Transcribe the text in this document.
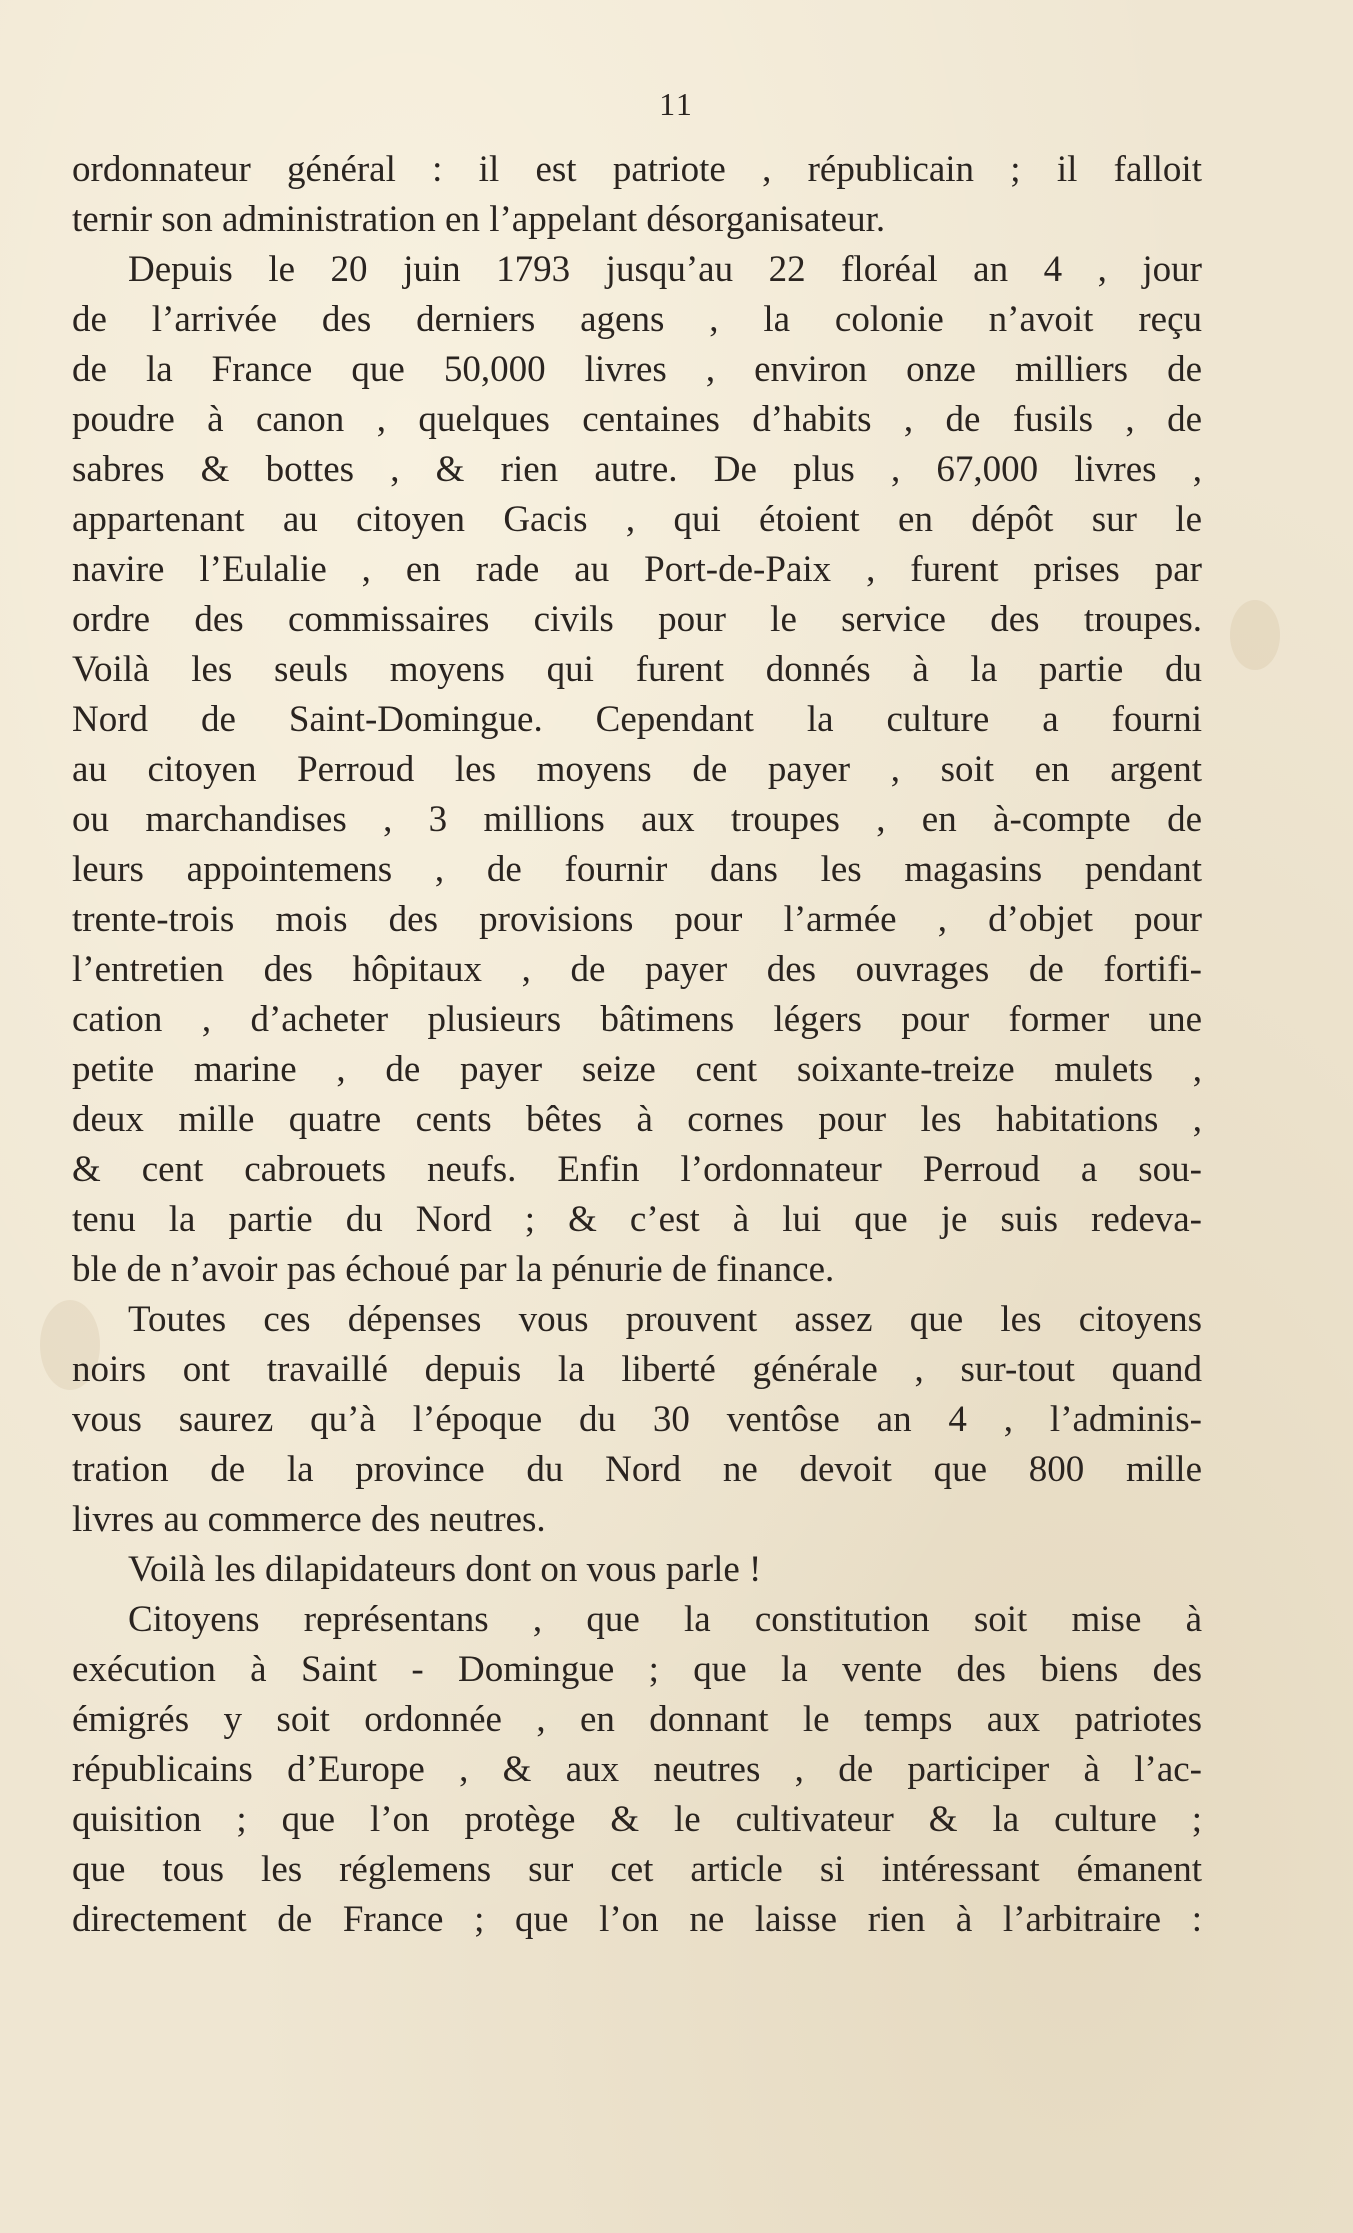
11
ordonnateur général : il est patriote , républicain ; il falloit
ternir son administration en l’appelant désorganisateur.
Depuis le 20 juin 1793 jusqu’au 22 floréal an 4 , jour
de l’arrivée des derniers agens , la colonie n’avoit reçu
de la France que 50,000 livres , environ onze milliers de
poudre à canon , quelques centaines d’habits , de fusils , de
sabres & bottes , & rien autre. De plus , 67,000 livres ,
appartenant au citoyen Gacis , qui étoient en dépôt sur le
navire l’Eulalie , en rade au Port-de-Paix , furent prises par
ordre des commissaires civils pour le service des troupes.
Voilà les seuls moyens qui furent donnés à la partie du
Nord de Saint-Domingue. Cependant la culture a fourni
au citoyen Perroud les moyens de payer , soit en argent
ou marchandises , 3 millions aux troupes , en à-compte de
leurs appointemens , de fournir dans les magasins pendant
trente-trois mois des provisions pour l’armée , d’objet pour
l’entretien des hôpitaux , de payer des ouvrages de fortifi-
cation , d’acheter plusieurs bâtimens légers pour former une
petite marine , de payer seize cent soixante-treize mulets ,
deux mille quatre cents bêtes à cornes pour les habitations ,
& cent cabrouets neufs. Enfin l’ordonnateur Perroud a sou-
tenu la partie du Nord ; & c’est à lui que je suis redeva-
ble de n’avoir pas échoué par la pénurie de finance.
Toutes ces dépenses vous prouvent assez que les citoyens
noirs ont travaillé depuis la liberté générale , sur-tout quand
vous saurez qu’à l’époque du 30 ventôse an 4 , l’adminis-
tration de la province du Nord ne devoit que 800 mille
livres au commerce des neutres.
Voilà les dilapidateurs dont on vous parle !
Citoyens représentans , que la constitution soit mise à
exécution à Saint - Domingue ; que la vente des biens des
émigrés y soit ordonnée , en donnant le temps aux patriotes
républicains d’Europe , & aux neutres , de participer à l’ac-
quisition ; que l’on protège & le cultivateur & la culture ;
que tous les réglemens sur cet article si intéressant émanent
directement de France ; que l’on ne laisse rien à l’arbitraire :
